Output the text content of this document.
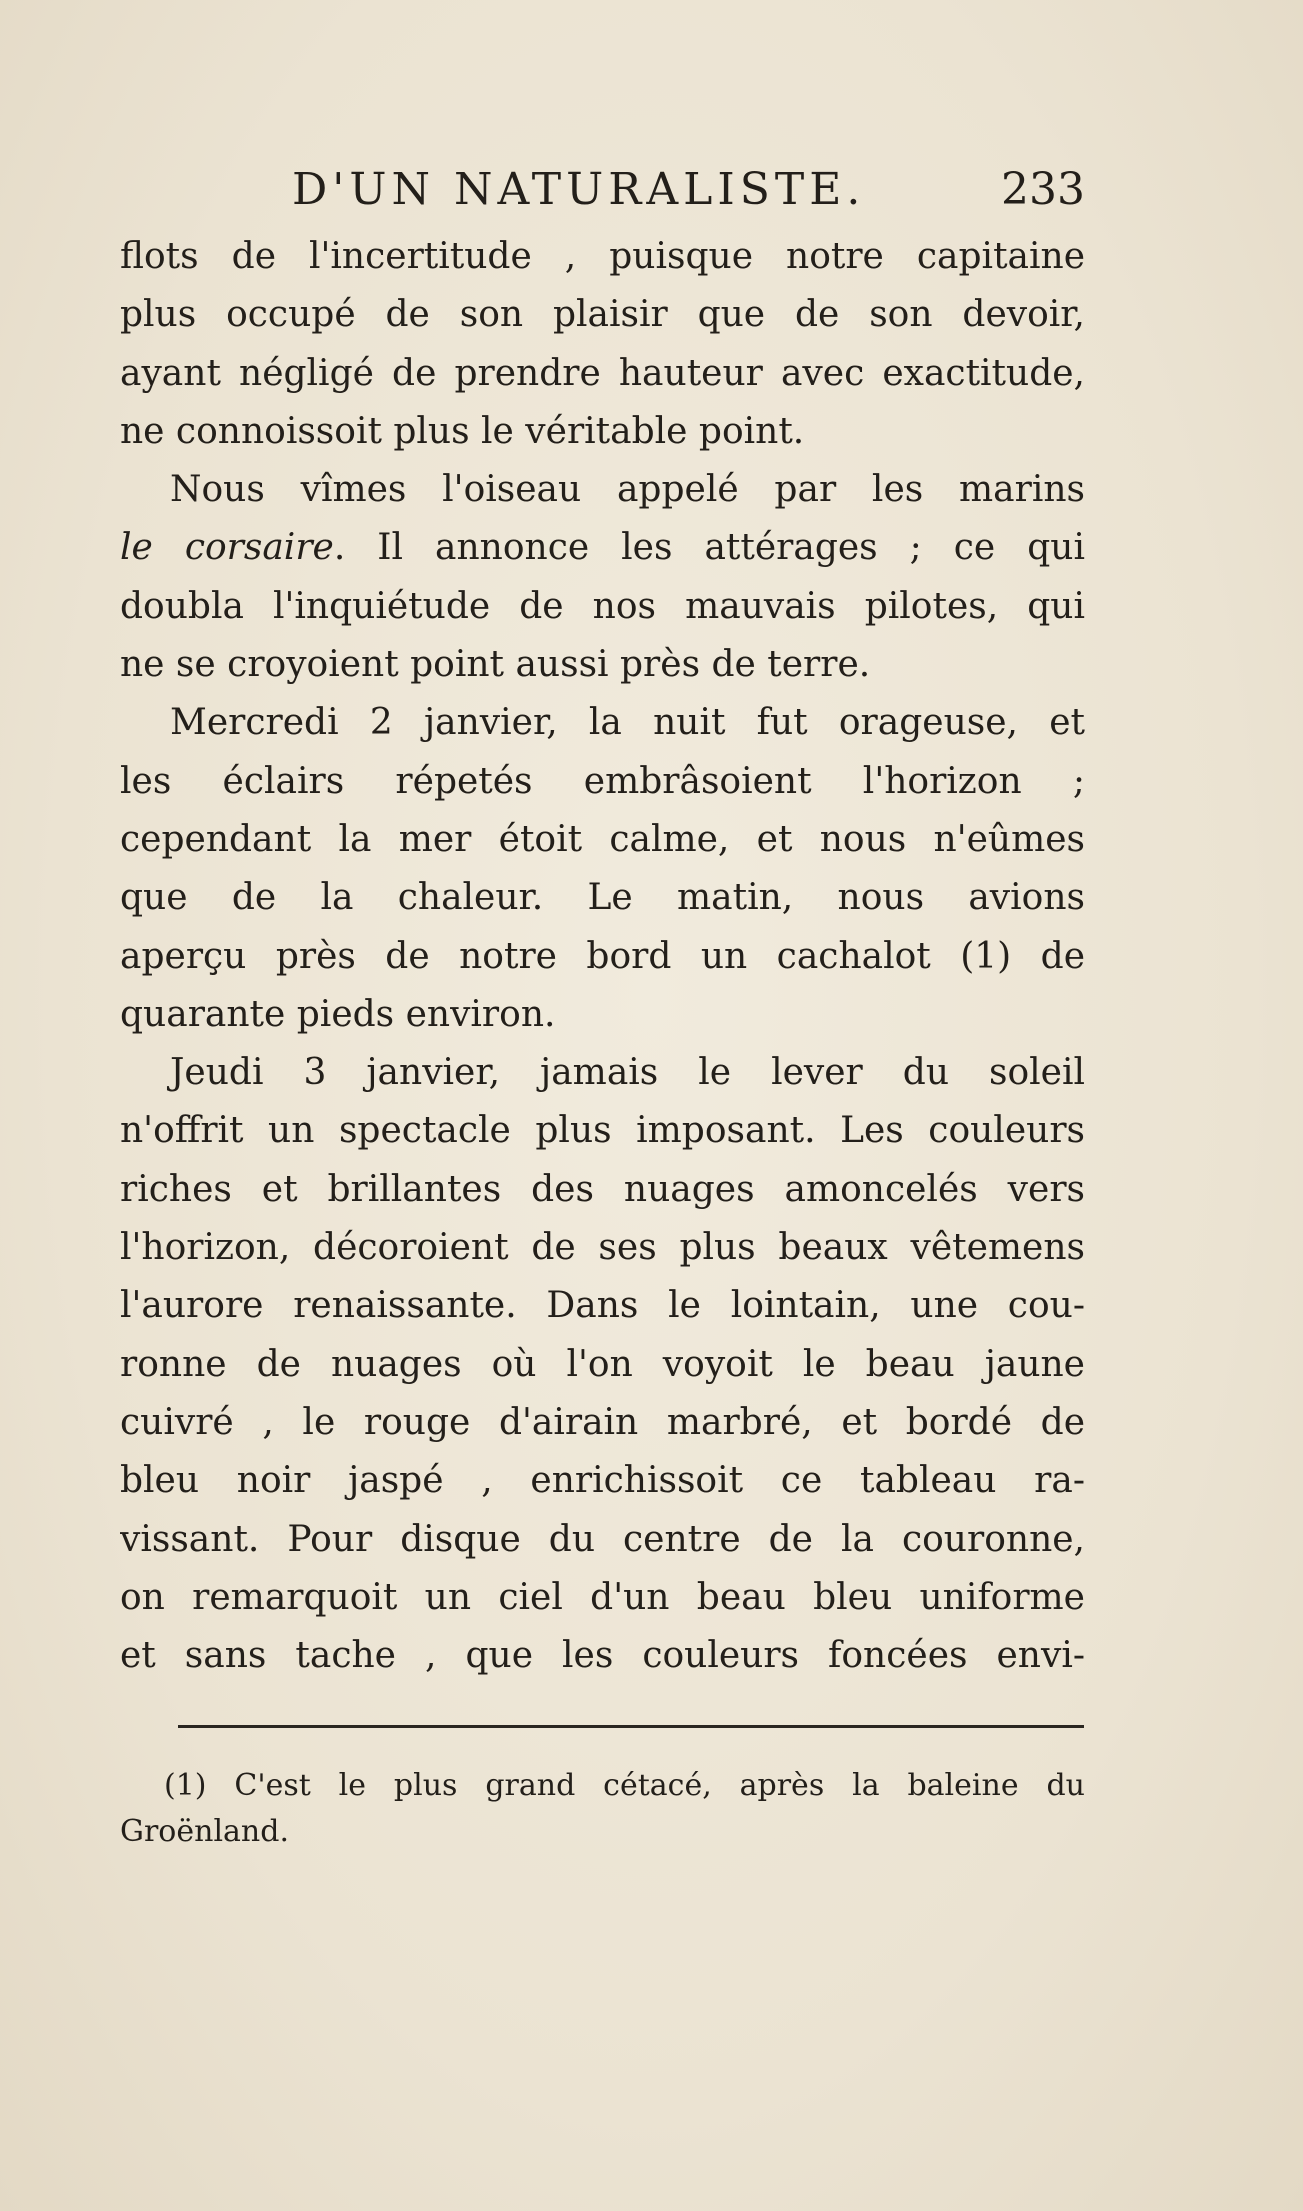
D'UN NATURALISTE.	233
flots de l'incertitude , puisque notre capitaine
plus occupé de son plaisir que de son devoir,
ayant négligé de prendre hauteur avec exactitude,
ne connoissoit plus le véritable point.
Nous vîmes l'oiseau appelé par les marins
le corsaire. Il annonce les attérages ; ce qui
doubla l'inquiétude de nos mauvais pilotes, qui
ne se croyoient point aussi près de terre.
Mercredi 2 janvier, la nuit fut orageuse, et
les éclairs répetés embrâsoient l'horizon ;
cependant la mer étoit calme, et nous n'eûmes
que de la chaleur. Le matin, nous avions
aperçu près de notre bord un cachalot (1) de
quarante pieds environ.
Jeudi 3 janvier, jamais le lever du soleil
n'offrit un spectacle plus imposant. Les couleurs
riches et brillantes des nuages amoncelés vers
l'horizon, décoroient de ses plus beaux vêtemens
l'aurore renaissante. Dans le lointain, une cou-
ronne de nuages où l'on voyoit le beau jaune
cuivré , le rouge d'airain marbré, et bordé de
bleu noir jaspé , enrichissoit ce tableau ra-
vissant. Pour disque du centre de la couronne,
on remarquoit un ciel d'un beau bleu uniforme
et sans tache , que les couleurs foncées envi-
(1) C'est le plus grand cétacé, après la baleine du
Groënland.
